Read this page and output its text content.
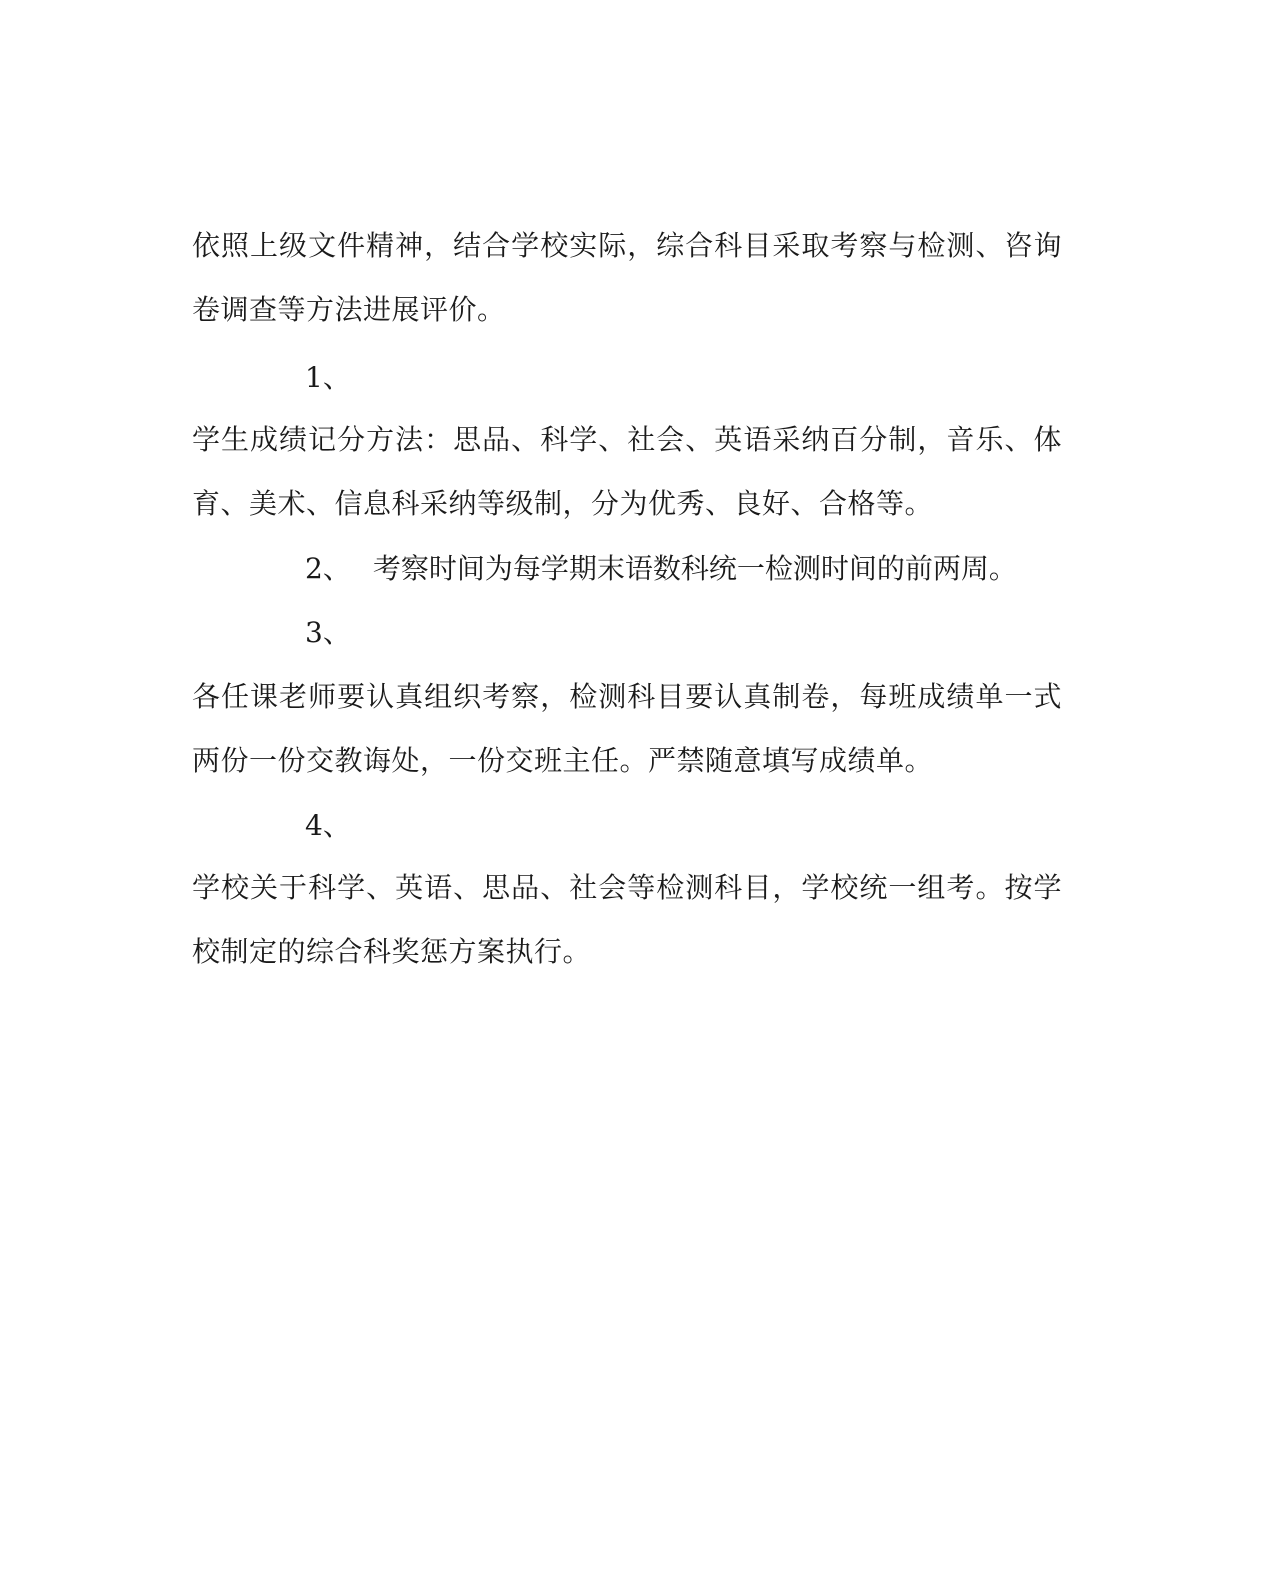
依照上级文件精神，结合学校实际，综合科目采取考察与检测、咨询
卷调查等方法进展评价。

1、

学生成绩记分方法：思品、科学、社会、英语采纳百分制，音乐、体
育、美术、信息科采纳等级制，分为优秀、良好、合格等。

2、 考察时间为每学期末语数科统一检测时间的前两周。

3、

各任课老师要认真组织考察，检测科目要认真制卷，每班成绩单一式
两份一份交教诲处，一份交班主任。严禁随意填写成绩单。

4、

学校关于科学、英语、思品、社会等检测科目，学校统一组考。按学
校制定的综合科奖惩方案执行。
